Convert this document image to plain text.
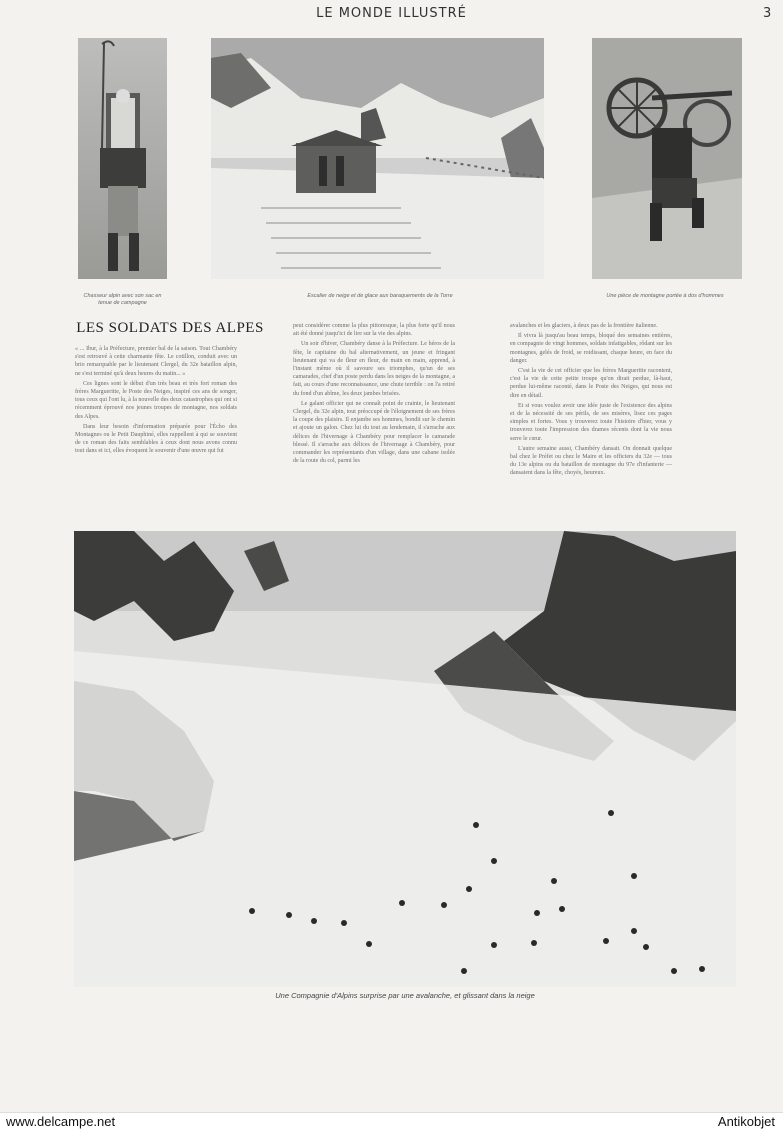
LE MONDE ILLUSTRÉ	3
Chasseur alpin avec son sac en tenue de campagne
Escalier de neige et de glace aux baraquements de la Torre	Une pièce de montagne portée à dos d'hommes
LES SOLDATS DES ALPES

« ... Ibur, à la Préfecture, premier bal de la saison. Tout Chambéry s'est retrouvé à cette charmante fête. Le cotillon, conduit avec un brio remarquable par le lieutenant Clergel, du 32e bataillon alpin, ne s'est terminé qu'à deux heures du matin... »

Ces lignes sont le début d'un très beau et très fort roman des frères Margueritte, le Poste des Neiges, inspiré ces ans de songer, tous ceux qui l'ont lu, à la nouvelle des deux catastrophes qui ont si récemment éprouvé nos jeunes troupes de montagne, nos soldats des Alpes.

Dans leur besoin d'information préparée pour l'Écho des Montagnes ou le Petit Dauphiné, elles rappellent à qui se souvient de ce roman des faits semblables à ceux dont nous avons connu tout dans et ici, elles évoquent le souvenir d'une œuvre qui fut

peut considérer comme la plus pittoresque, la plus forte qu'il nous ait été donné jusqu'ici de lire sur la vie des alpins.

Un soir d'hiver, Chambéry danse à la Préfecture. Le héros de la fête, le capitaine du bal alternativement, un jeune et fringant lieutenant qui va de fleur en fleur, de main en main, apprend, à l'instant même où il savoure ses triomphes, qu'un de ses camarades, chef d'un poste perdu dans les neiges de la montagne, a fait, au cours d'une reconnaissance, une chute terrible : on l'a retiré du fond d'un abîme, les deux jambes brisées.

Le galant officier qui ne connaît point de crainte, le lieutenant Clergel, du 32e alpin, tout préoccupé de l'éloignement de ses frères la coupe des plaisirs. Il enjambe ses hommes, bondit sur le chemin et ajoute un galon. Chez lui du tout au lendemain, il s'arrache aux délices de l'hivernage à Chambéry pour remplacer le camarade blessé. Il s'arrache aux délices de l'hivernage à Chambéry, pour commander les représentants d'un village, dans une cabane isolée de la route du col, parmi les

avalanches et les glaciers, à deux pas de la frontière italienne.

Il vivra là jusqu'au beau temps, bloqué des semaines entières, en compagnie de vingt hommes, soldats infatigables, rôdant sur les montagnes, gelés de froid, se roidissant, chaque heure, en face du danger.

C'est la vie de cet officier que les frères Margueritte racontent, c'est la vie de cette petite troupe qu'on dirait perdue, là-haut, perdue lui-même raconté, dans le Poste des Neiges, qui nous est dire en détail.

Et si vous voulez avoir une idée juste de l'existence des alpins et de la nécessité de ses périls, de ses misères, lisez ces pages simples et fortes. Vous y trouverez toute l'histoire d'hier, vous y trouverez toute l'impression des drames récents dont la vie nous serre le cœur.

L'autre semaine aussi, Chambéry dansait. On donnait quelque bal chez le Préfet ou chez le Maire et les officiers du 32e — tous du 13e alpins ou du bataillon de montagne du 97e d'infanterie — dansaient dans la fête, choyés, heureux.

Une Compagnie d'Alpins surprise par une avalanche, et glissant dans la neige
www.delcampe.net	Antikobjet
